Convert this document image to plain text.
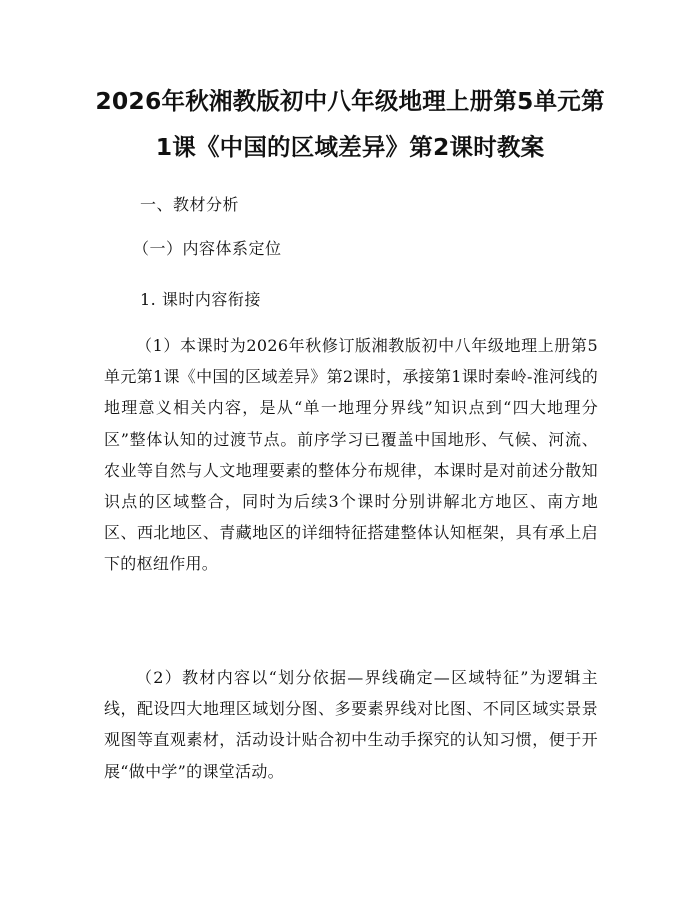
2026年秋湘教版初中八年级地理上册第5单元第1课《中国的区域差异》第2课时教案

一、教材分析

（一）内容体系定位

1. 课时内容衔接

（1）本课时为2026年秋修订版湘教版初中八年级地理上册第5单元第1课《中国的区域差异》第2课时，承接第1课时秦岭-淮河线的地理意义相关内容，是从“单一地理分界线”知识点到“四大地理分区”整体认知的过渡节点。前序学习已覆盖中国地形、气候、河流、农业等自然与人文地理要素的整体分布规律，本课时是对前述分散知识点的区域整合，同时为后续3个课时分别讲解北方地区、南方地区、西北地区、青藏地区的详细特征搭建整体认知框架，具有承上启下的枢纽作用。

（2）教材内容以“划分依据—界线确定—区域特征”为逻辑主线，配设四大地理区域划分图、多要素界线对比图、不同区域实景景观图等直观素材，活动设计贴合初中生动手探究的认知习惯，便于开展“做中学”的课堂活动。
